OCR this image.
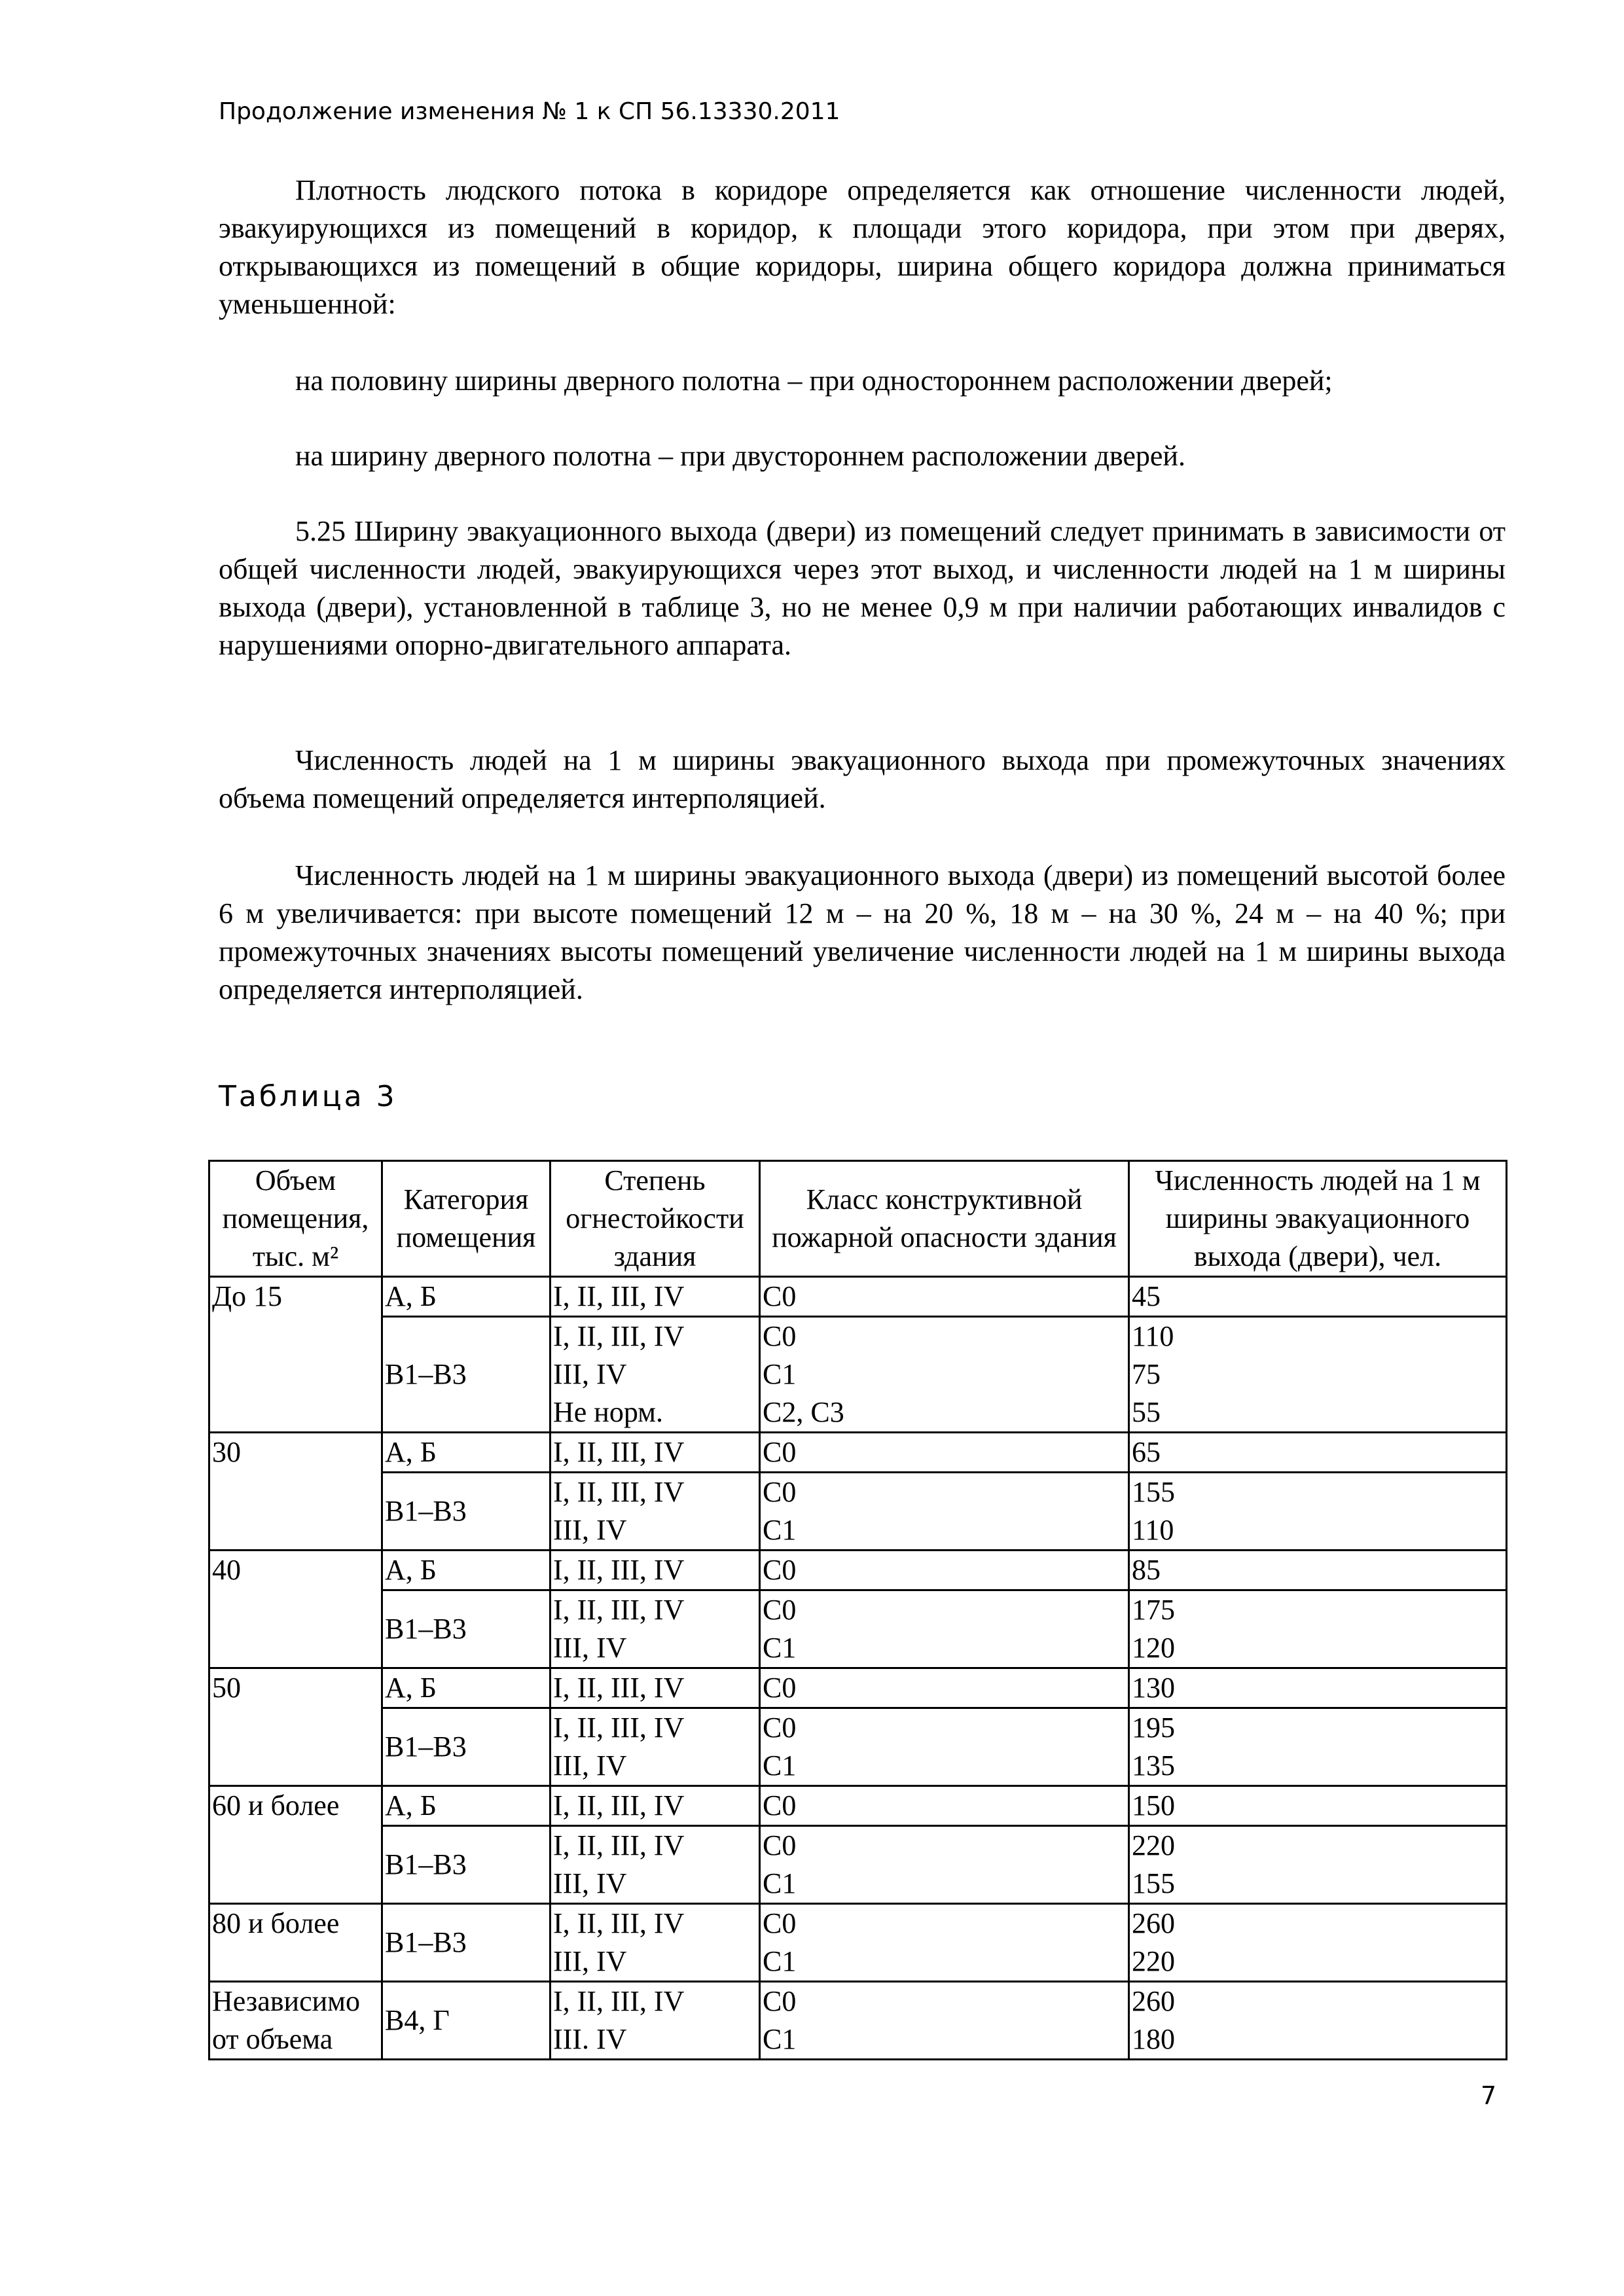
Продолжение изменения № 1 к СП 56.13330.2011
Плотность людского потока в коридоре определяется как отношение численности людей, эвакуирующихся из помещений в коридор, к площади этого коридора, при этом при дверях, открывающихся из помещений в общие коридоры, ширина общего коридора должна приниматься уменьшенной:
на половину ширины дверного полотна – при одностороннем расположении дверей;
на ширину дверного полотна – при двустороннем расположении дверей.
5.25 Ширину эвакуационного выхода (двери) из помещений следует принимать в зависимости от общей численности людей, эвакуирующихся через этот выход, и численности людей на 1 м ширины выхода (двери), установленной в таблице 3, но не менее 0,9 м при наличии работающих инвалидов с нарушениями опорно-двигательного аппарата.
Численность людей на 1 м ширины эвакуационного выхода при промежуточных значениях объема помещений определяется интерполяцией.
Численность людей на 1 м ширины эвакуационного выхода (двери) из помещений высотой более 6 м увеличивается: при высоте помещений 12 м – на 20 %, 18 м – на 30 %, 24 м – на 40 %; при промежуточных значениях высоты помещений увеличение численности людей на 1 м ширины выхода определяется интерполяцией.
Таблица 3
Объем помещения, тыс. м²	Категория помещения	Степень огнестойкости здания	Класс конструктивной пожарной опасности здания	Численность людей на 1 м ширины эвакуационного выхода (двери), чел.
До 15	А, Б	I, II, III, IV	С0	45
	В1–В3	I, II, III, IV	С0	110
		III, IV	С1	75
		Не норм.	С2, С3	55
30	А, Б	I, II, III, IV	С0	65
	В1–В3	I, II, III, IV	С0	155
		III, IV	С1	110
40	А, Б	I, II, III, IV	С0	85
	В1–В3	I, II, III, IV	С0	175
		III, IV	С1	120
50	А, Б	I, II, III, IV	С0	130
	В1–В3	I, II, III, IV	С0	195
		III, IV	С1	135
60 и более	А, Б	I, II, III, IV	С0	150
	В1–В3	I, II, III, IV	С0	220
		III, IV	С1	155
80 и более	В1–В3	I, II, III, IV	С0	260
		III, IV	С1	220
Независимо от объема	В4, Г	I, II, III, IV	С0	260
		III. IV	С1	180
7
